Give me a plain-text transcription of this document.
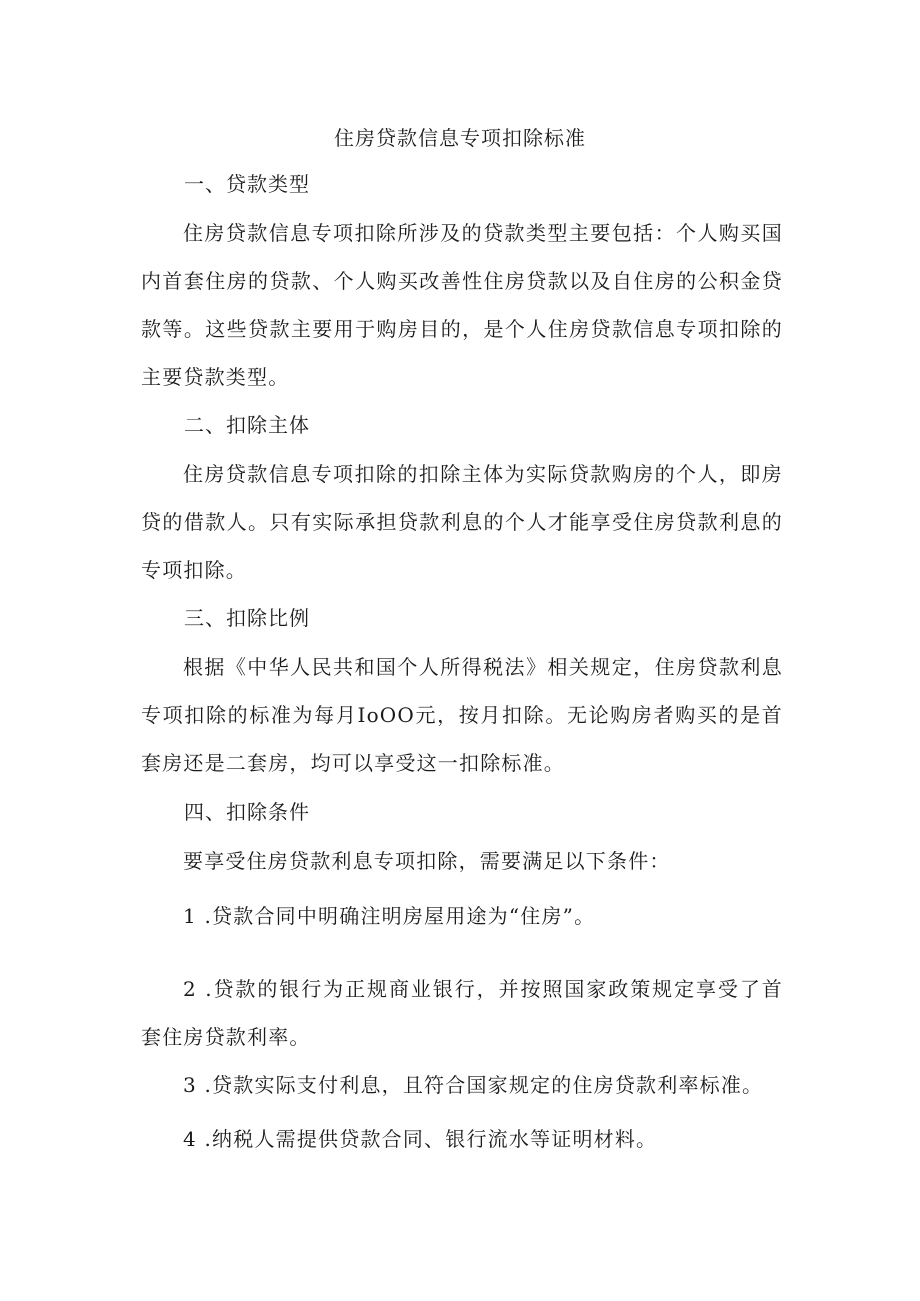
住房贷款信息专项扣除标准
一、贷款类型
住房贷款信息专项扣除所涉及的贷款类型主要包括：个人购买国内首套住房的贷款、个人购买改善性住房贷款以及自住房的公积金贷款等。这些贷款主要用于购房目的，是个人住房贷款信息专项扣除的主要贷款类型。
二、扣除主体
住房贷款信息专项扣除的扣除主体为实际贷款购房的个人，即房贷的借款人。只有实际承担贷款利息的个人才能享受住房贷款利息的专项扣除。
三、扣除比例
根据《中华人民共和国个人所得税法》相关规定，住房贷款利息专项扣除的标准为每月IoOO元，按月扣除。无论购房者购买的是首套房还是二套房，均可以享受这一扣除标准。
四、扣除条件
要享受住房贷款利息专项扣除，需要满足以下条件：
1 .贷款合同中明确注明房屋用途为“住房”。
2 .贷款的银行为正规商业银行，并按照国家政策规定享受了首套住房贷款利率。
3 .贷款实际支付利息，且符合国家规定的住房贷款利率标准。
4 .纳税人需提供贷款合同、银行流水等证明材料。
